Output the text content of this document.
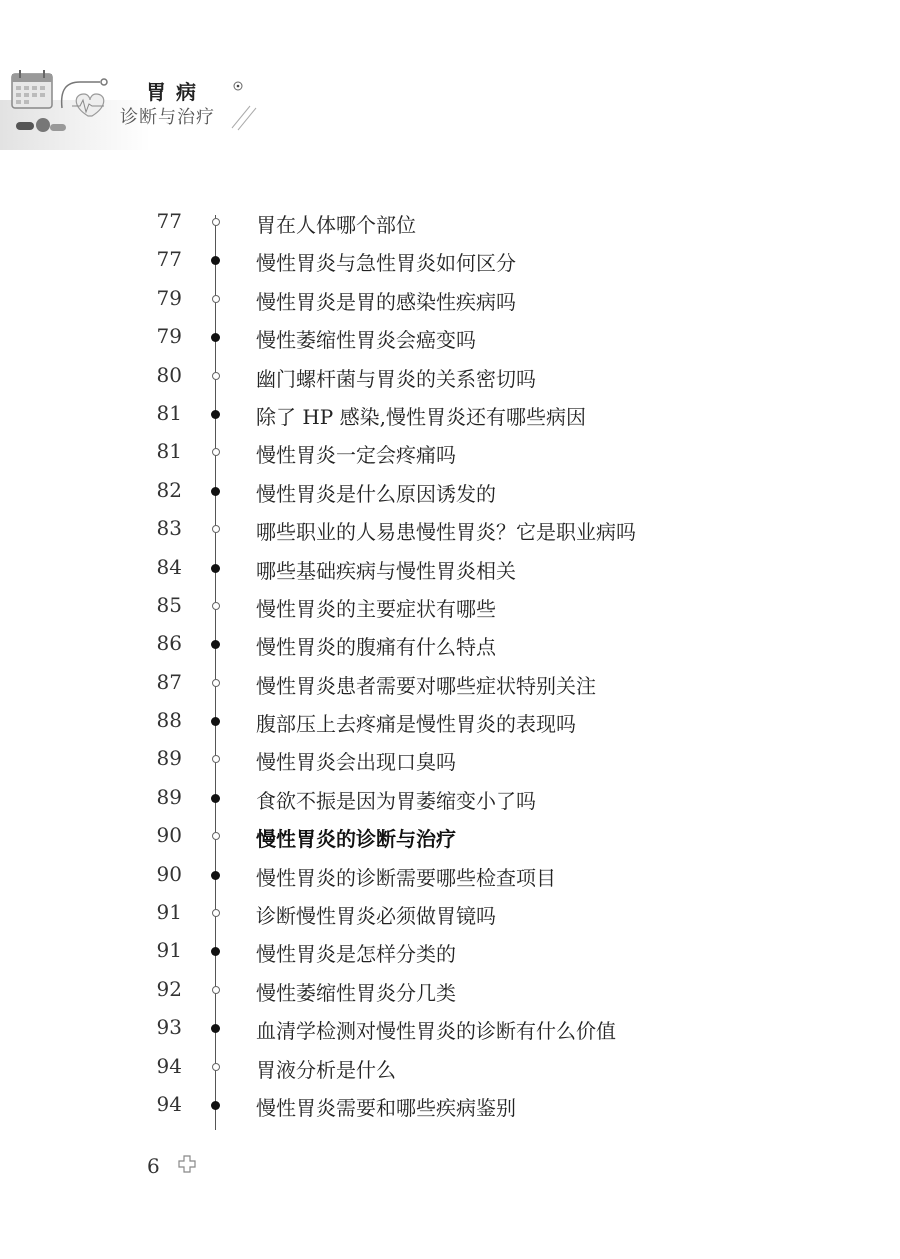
胃病
诊断与治疗
77	胃在人体哪个部位
77	慢性胃炎与急性胃炎如何区分
79	慢性胃炎是胃的感染性疾病吗
79	慢性萎缩性胃炎会癌变吗
80	幽门螺杆菌与胃炎的关系密切吗
81	除了 HP 感染,慢性胃炎还有哪些病因
81	慢性胃炎一定会疼痛吗
82	慢性胃炎是什么原因诱发的
83	哪些职业的人易患慢性胃炎？它是职业病吗
84	哪些基础疾病与慢性胃炎相关
85	慢性胃炎的主要症状有哪些
86	慢性胃炎的腹痛有什么特点
87	慢性胃炎患者需要对哪些症状特别关注
88	腹部压上去疼痛是慢性胃炎的表现吗
89	慢性胃炎会出现口臭吗
89	食欲不振是因为胃萎缩变小了吗
90	慢性胃炎的诊断与治疗
90	慢性胃炎的诊断需要哪些检查项目
91	诊断慢性胃炎必须做胃镜吗
91	慢性胃炎是怎样分类的
92	慢性萎缩性胃炎分几类
93	血清学检测对慢性胃炎的诊断有什么价值
94	胃液分析是什么
94	慢性胃炎需要和哪些疾病鉴别
6
